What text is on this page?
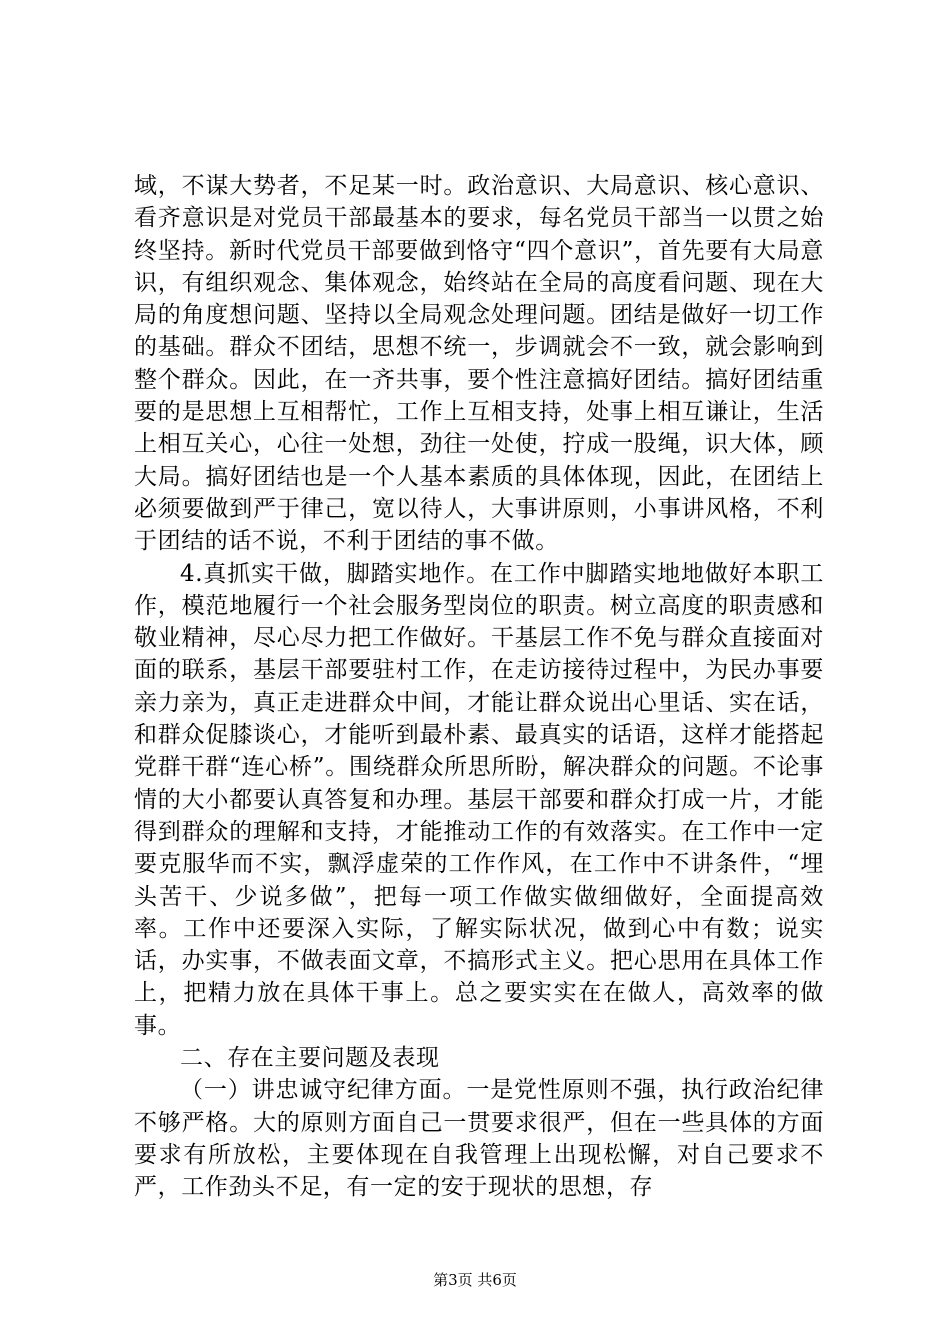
域，不谋大势者，不足某一时。政治意识、大局意识、核心意识、看齐意识是对党员干部最基本的要求，每名党员干部当一以贯之始终坚持。新时代党员干部要做到恪守“四个意识”，首先要有大局意识，有组织观念、集体观念，始终站在全局的高度看问题、现在大局的角度想问题、坚持以全局观念处理问题。团结是做好一切工作的基础。群众不团结，思想不统一，步调就会不一致，就会影响到整个群众。因此，在一齐共事，要个性注意搞好团结。搞好团结重要的是思想上互相帮忙，工作上互相支持，处事上相互谦让，生活上相互关心，心往一处想，劲往一处使，拧成一股绳，识大体，顾大局。搞好团结也是一个人基本素质的具体体现，因此，在团结上必须要做到严于律己，宽以待人，大事讲原则，小事讲风格，不利于团结的话不说，不利于团结的事不做。

4.真抓实干做，脚踏实地作。在工作中脚踏实地地做好本职工作，模范地履行一个社会服务型岗位的职责。树立高度的职责感和敬业精神，尽心尽力把工作做好。干基层工作不免与群众直接面对面的联系，基层干部要驻村工作，在走访接待过程中，为民办事要亲力亲为，真正走进群众中间，才能让群众说出心里话、实在话，和群众促膝谈心，才能听到最朴素、最真实的话语，这样才能搭起党群干群“连心桥”。围绕群众所思所盼，解决群众的问题。不论事情的大小都要认真答复和办理。基层干部要和群众打成一片，才能得到群众的理解和支持，才能推动工作的有效落实。在工作中一定要克服华而不实，飘浮虚荣的工作作风，在工作中不讲条件，“埋头苦干、少说多做”，把每一项工作做实做细做好，全面提高效率。工作中还要深入实际，了解实际状况，做到心中有数；说实话，办实事，不做表面文章，不搞形式主义。把心思用在具体工作上，把精力放在具体干事上。总之要实实在在做人，高效率的做事。

二、存在主要问题及表现

（一）讲忠诚守纪律方面。一是党性原则不强，执行政治纪律不够严格。大的原则方面自己一贯要求很严，但在一些具体的方面要求有所放松，主要体现在自我管理上出现松懈，对自己要求不严，工作劲头不足，有一定的安于现状的思想，存

第3页 共6页
